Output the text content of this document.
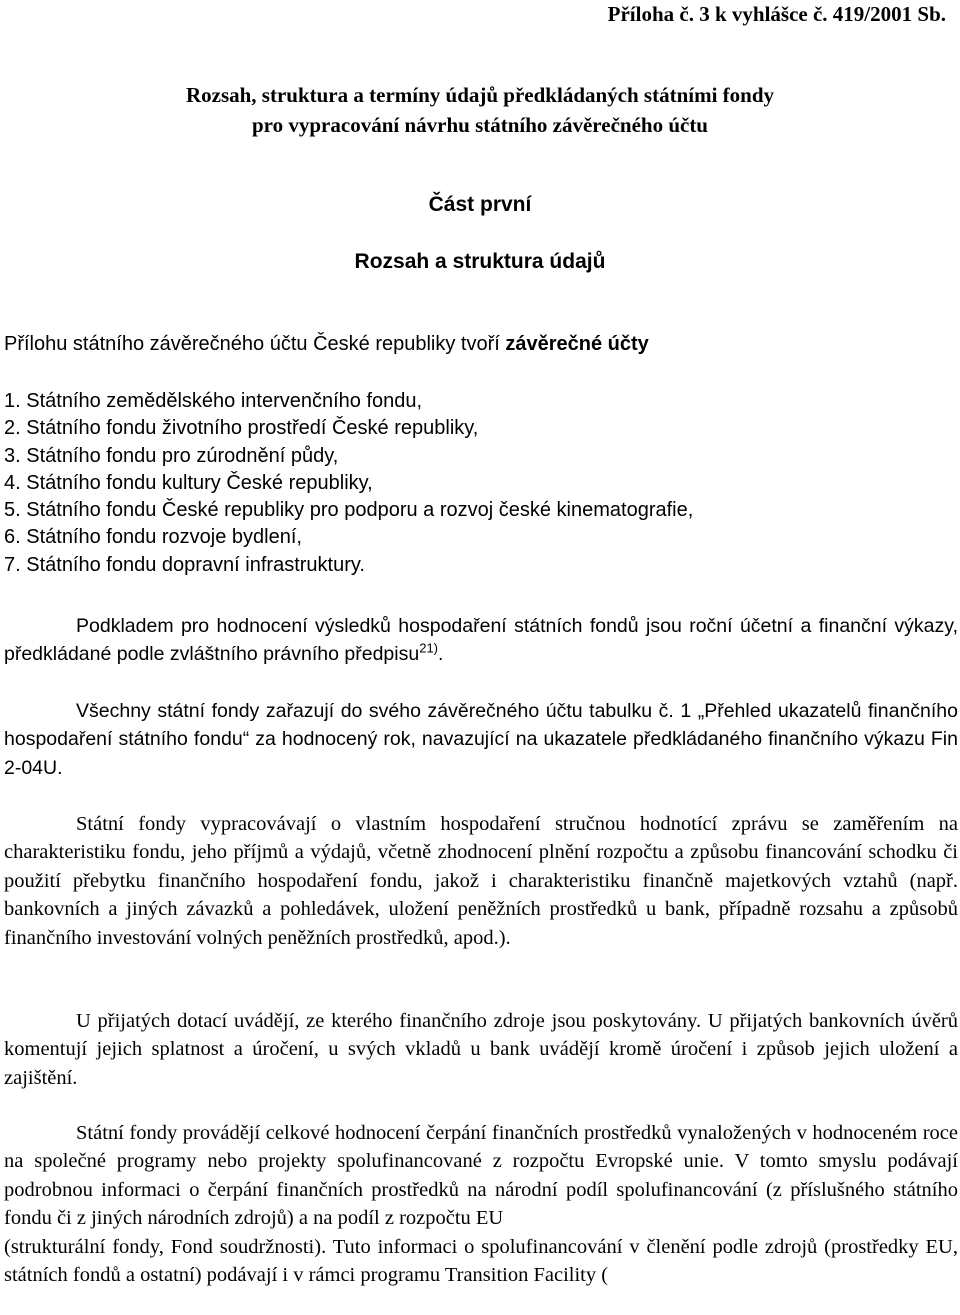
Příloha č. 3 k vyhlášce č. 419/2001 Sb.
Rozsah, struktura a termíny údajů předkládaných státními fondy
pro vypracování návrhu státního závěrečného účtu
Část první
Rozsah a struktura údajů
Přílohu státního závěrečného účtu České republiky tvoří závěrečné účty
1. Státního zemědělského intervenčního fondu,
2. Státního fondu životního prostředí České republiky,
3. Státního fondu pro zúrodnění půdy,
4. Státního fondu kultury České republiky,
5. Státního fondu České republiky pro podporu a rozvoj české kinematografie,
6. Státního fondu rozvoje bydlení,
7. Státního fondu dopravní infrastruktury.

Podkladem pro hodnocení výsledků hospodaření státních fondů jsou roční účetní a finanční výkazy, předkládané podle zvláštního právního předpisu$^{21)}$.

Všechny státní fondy zařazují do svého závěrečného účtu tabulku č. 1 „Přehled ukazatelů finančního hospodaření státního fondu“ za hodnocený rok, navazující na ukazatele předkládaného finančního výkazu Fin 2-04U.

Státní fondy vypracovávají o vlastním hospodaření stručnou hodnotící zprávu se zaměřením na charakteristiku fondu, jeho příjmů a výdajů, včetně zhodnocení plnění rozpočtu a způsobu financování schodku či použití přebytku finančního hospodaření fondu, jakož i charakteristiku finančně majetkových vztahů (např. bankovních a jiných závazků a pohledávek, uložení peněžních prostředků u bank, případně rozsahu a způsobů finančního investování volných peněžních prostředků, apod.).

U přijatých dotací uvádějí, ze kterého finančního zdroje jsou poskytovány. U přijatých bankovních úvěrů komentují jejich splatnost a úročení, u svých vkladů u bank uvádějí kromě úročení i způsob jejich uložení a zajištění.

Státní fondy provádějí celkové hodnocení čerpání finančních prostředků vynaložených v hodnoceném roce na společné programy nebo projekty spolufinancované z rozpočtu Evropské unie. V tomto smyslu podávají podrobnou informaci o čerpání finančních prostředků na národní podíl spolufinancování (z příslušného státního fondu či z jiných národních zdrojů) a na podíl z rozpočtu EU
(strukturální fondy, Fond soudržnosti). Tuto informaci o spolufinancování v členění podle zdrojů (prostředky EU, státních fondů a ostatní) podávají i v rámci programu Transition Facility (
